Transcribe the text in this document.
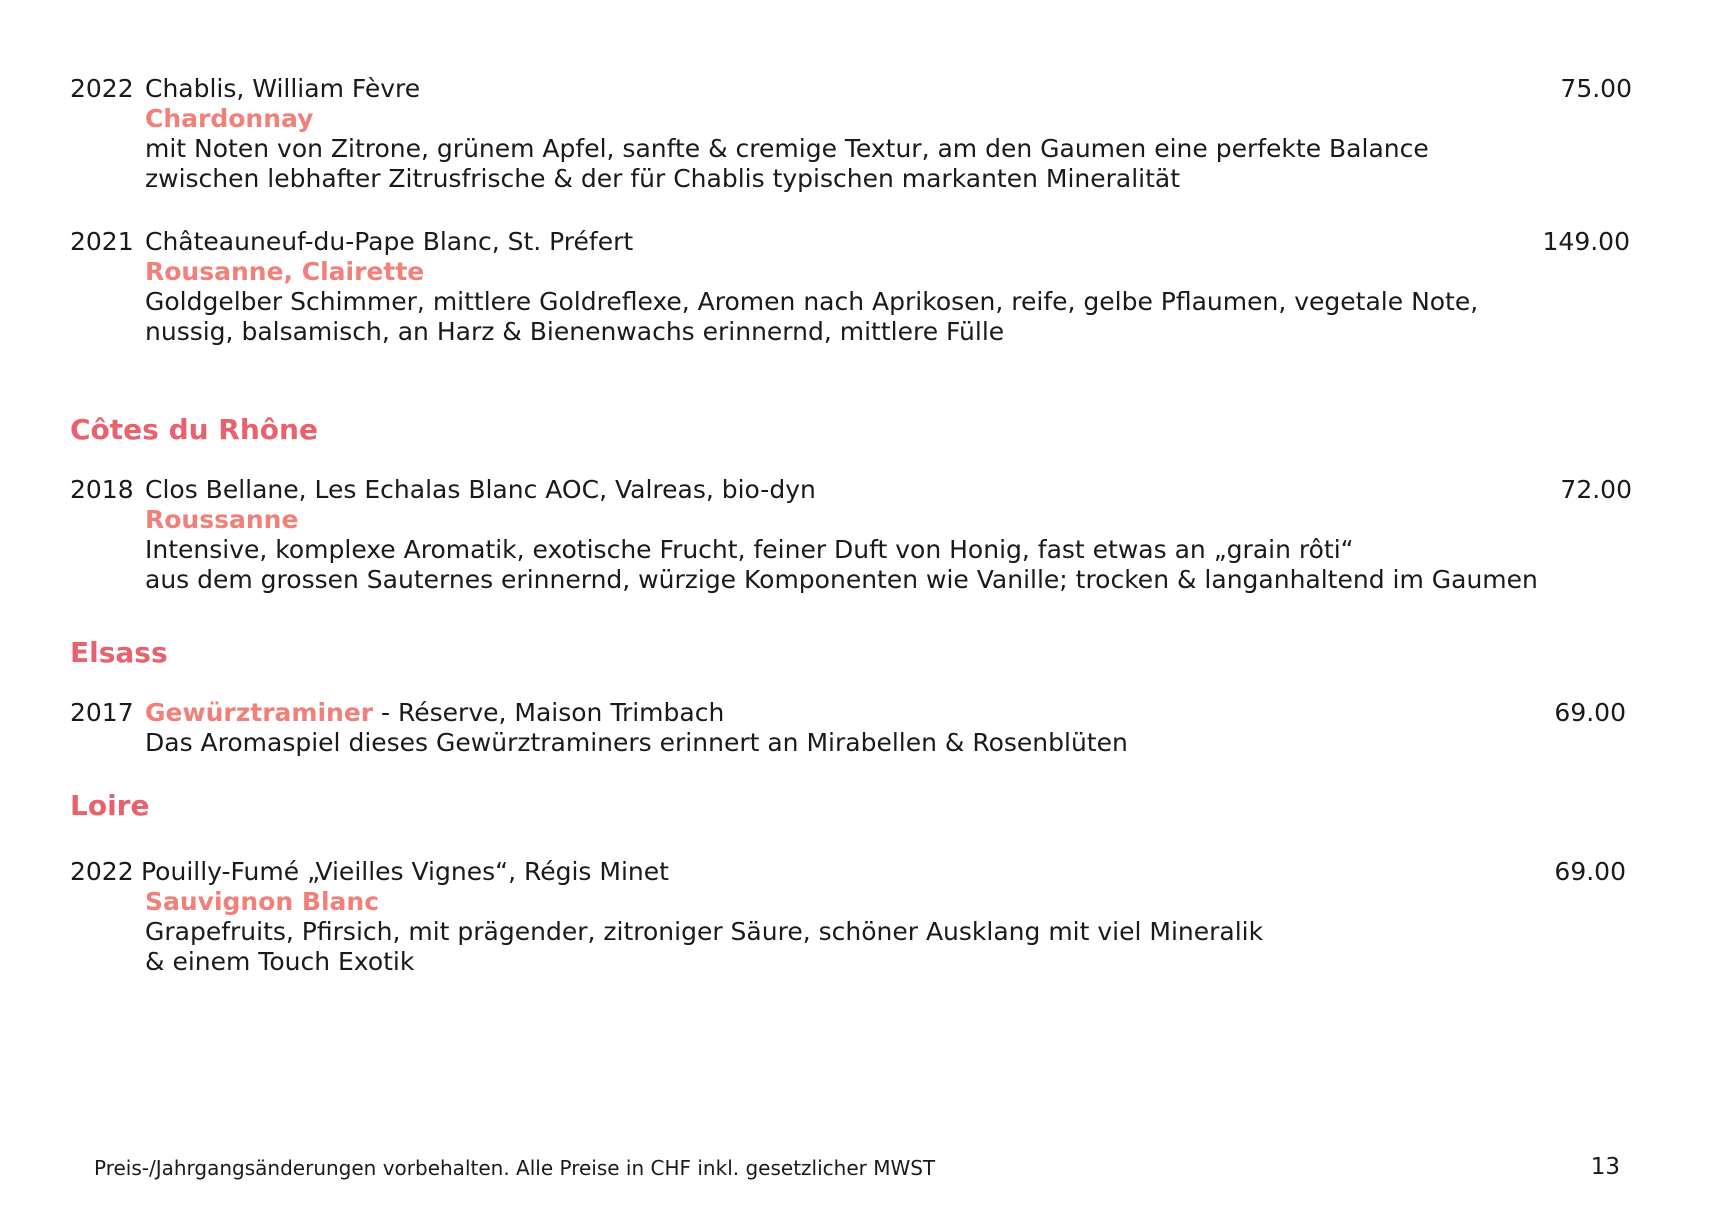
2022 Chablis, William Fèvre	75.00
Chardonnay
mit Noten von Zitrone, grünem Apfel, sanfte & cremige Textur, am den Gaumen eine perfekte Balance
zwischen lebhafter Zitrusfrische & der für Chablis typischen markanten Mineralität
2021 Châteauneuf-du-Pape Blanc, St. Préfert	149.00
Rousanne, Clairette
Goldgelber Schimmer, mittlere Goldreflexe, Aromen nach Aprikosen, reife, gelbe Pflaumen, vegetale Note,
nussig, balsamisch, an Harz & Bienenwachs erinnernd, mittlere Fülle
Côtes du Rhône
2018 Clos Bellane, Les Echalas Blanc AOC, Valreas, bio-dyn	72.00
Roussanne
Intensive, komplexe Aromatik, exotische Frucht, feiner Duft von Honig, fast etwas an „grain rôti“
aus dem grossen Sauternes erinnernd, würzige Komponenten wie Vanille; trocken & langanhaltend im Gaumen
Elsass
2017 Gewürztraminer - Réserve, Maison Trimbach	69.00
Das Aromaspiel dieses Gewürztraminers erinnert an Mirabellen & Rosenblüten
Loire
2022 Pouilly-Fumé „Vieilles Vignes“, Régis Minet	69.00
Sauvignon Blanc
Grapefruits, Pfirsich, mit prägender, zitroniger Säure, schöner Ausklang mit viel Mineralik
& einem Touch Exotik
Preis-/Jahrgangsänderungen vorbehalten. Alle Preise in CHF inkl. gesetzlicher MWST	13
